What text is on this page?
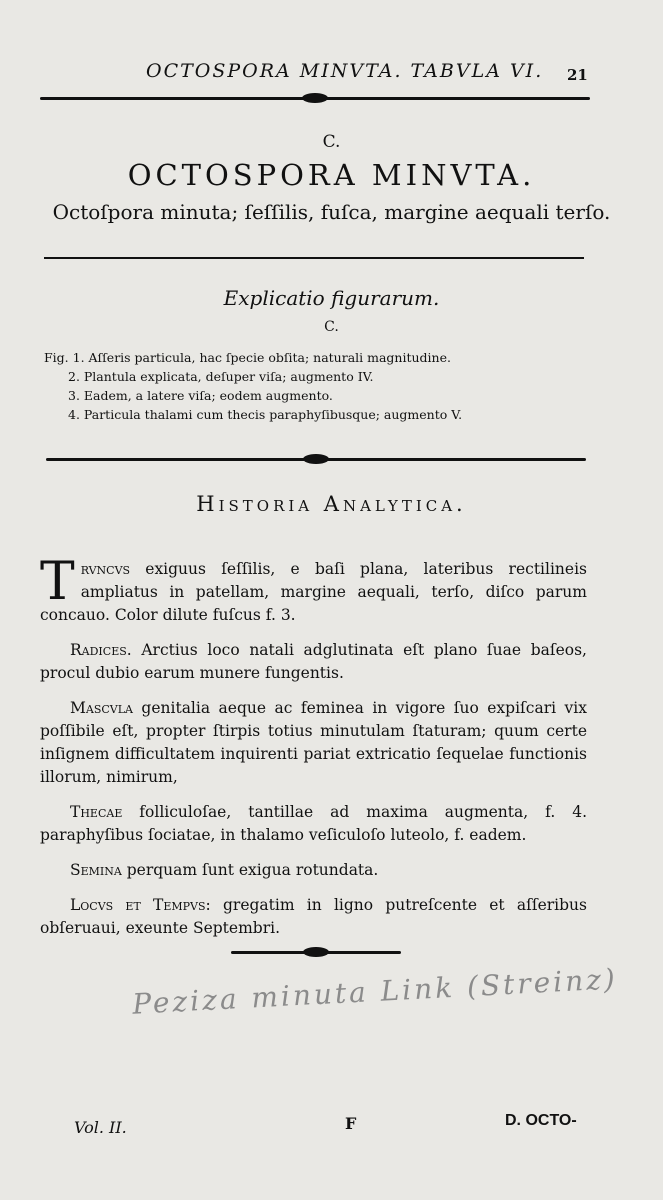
OCTOSPORA MINVTA. TABVLA VI. 21
C.
OCTOSPORA MINVTA.
Octoſpora minuta; ſeſſilis, fuſca, margine aequali terſo.
Explicatio figurarum.
C.
Fig. 1. Aſſeris particula, hac ſpecie obſita; naturali magnitudine.
2. Plantula explicata, deſuper viſa; augmento IV.
3. Eadem, a latere viſa; eodem augmento.
4. Particula thalami cum thecis paraphyſibusque; augmento V.
Historia Analytica.
Trvncvs exiguus ſeſſilis, e baſi plana, lateribus rectilineis ampliatus in patellam, margine aequali, terſo, diſco parum concauo. Color dilute fuſcus f. 3.
Radices. Arctius loco natali adglutinata eſt plano ſuae baſeos, procul dubio earum munere fungentis.
Mascvla genitalia aeque ac feminea in vigore ſuo expiſcari vix poſſibile eſt, propter ſtirpis totius minutulam ſtaturam; quum certe inſignem difficultatem inquirenti pariat extricatio ſequelae functionis illorum, nimirum,
Thecae folliculoſae, tantillae ad maxima augmenta, f. 4. paraphyſibus ſociatae, in thalamo veſiculoſo luteolo, f. eadem.
Semina perquam ſunt exigua rotundata.
Locvs et Tempvs: gregatim in ligno putreſcente et aſſeribus obſeruaui, exeunte Septembri.
Peziza minuta Link (Streinz)
Vol. II.	F	D. OCTO-
